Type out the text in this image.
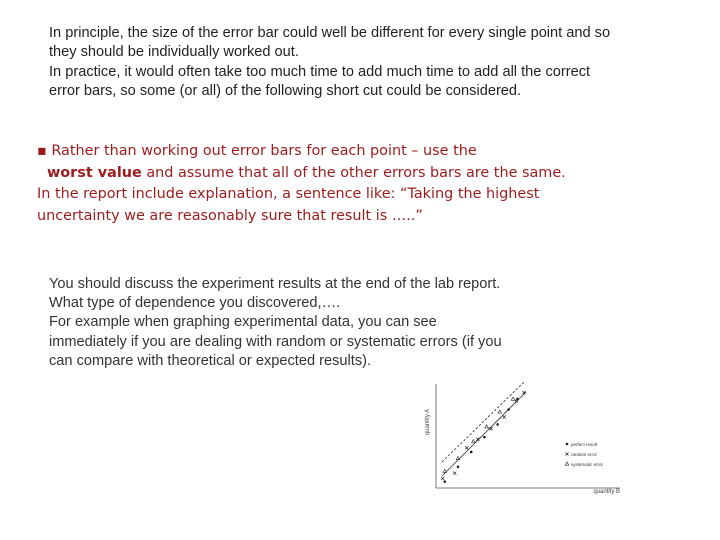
In principle, the size of the error bar could well be different for every single point and so
they should be individually worked out.
In practice, it would often take too much time to add much time to add all the correct
error bars, so some (or all) of the following short cut could be considered.
▪ Rather than working out error bars for each point – use the
worst value and assume that all of the other errors bars are the same.
In the report include explanation, a sentence like: “Taking the highest
uncertainty we are reasonably sure that result is …..”
You should discuss the experiment results at the end of the lab report.
What type of dependence you discovered,….
For example when graphing experimental data, you can see
immediately if you are dealing with random or systematic errors (if you
can compare with theoretical or expected results).
quantity A
quantity B
perfect result
random error
systematic error
